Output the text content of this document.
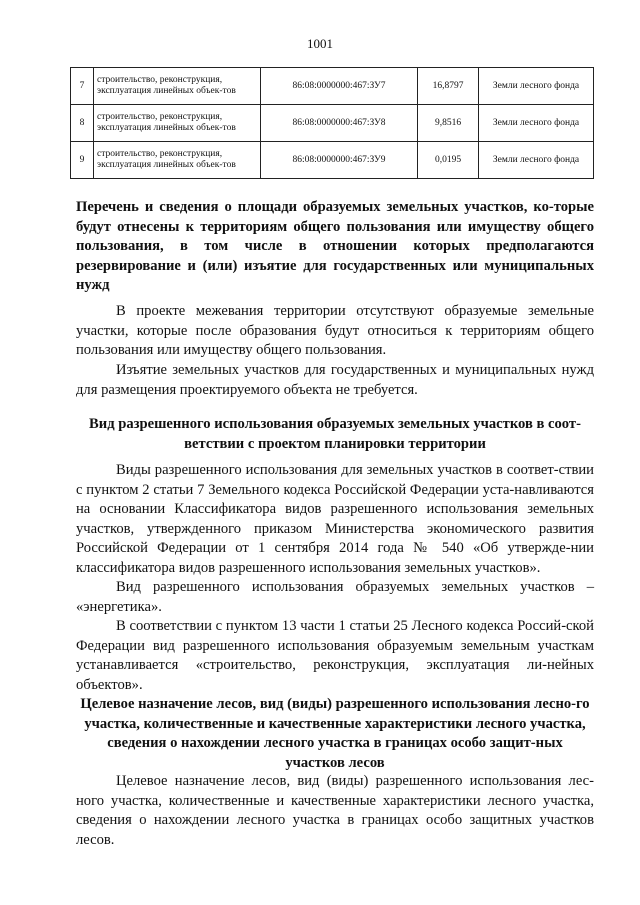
1001
7	строительство, реконструкция, эксплуатация линейных объек-тов	86:08:0000000:467:ЗУ7	16,8797	Земли лесного фонда
8	строительство, реконструкция, эксплуатация линейных объек-тов	86:08:0000000:467:ЗУ8	9,8516	Земли лесного фонда
9	строительство, реконструкция, эксплуатация линейных объек-тов	86:08:0000000:467:ЗУ9	0,0195	Земли лесного фонда
Перечень и сведения о площади образуемых земельных участков, ко-торые будут отнесены к территориям общего пользования или имуществу общего пользования, в том числе в отношении которых предполагаются резервирование и (или) изъятие для государственных или муниципальных нужд
В проекте межевания территории отсутствуют образуемые земельные участки, которые после образования будут относиться к территориям общего пользования или имуществу общего пользования.
Изъятие земельных участков для государственных и муниципальных нужд для размещения проектируемого объекта не требуется.
Вид разрешенного использования образуемых земельных участков в соот-ветствии с проектом планировки территории
Виды разрешенного использования для земельных участков в соответ-ствии с пунктом 2 статьи 7 Земельного кодекса Российской Федерации уста-навливаются на основании Классификатора видов разрешенного использования земельных участков, утвержденного приказом Министерства экономического развития Российской Федерации от 1 сентября 2014 года № 540 «Об утвержде-нии классификатора видов разрешенного использования земельных участков».
Вид разрешенного использования образуемых земельных участков – «энергетика».
В соответствии с пунктом 13 части 1 статьи 25 Лесного кодекса Россий-ской Федерации вид разрешенного использования образуемым земельным участкам устанавливается «строительство, реконструкция, эксплуатация ли-нейных объектов».
Целевое назначение лесов, вид (виды) разрешенного использования лесно-го участка, количественные и качественные характеристики лесного участка, сведения о нахождении лесного участка в границах особо защит-ных участков лесов
Целевое назначение лесов, вид (виды) разрешенного использования лес-ного участка, количественные и качественные характеристики лесного участка, сведения о нахождении лесного участка в границах особо защитных участков лесов.
